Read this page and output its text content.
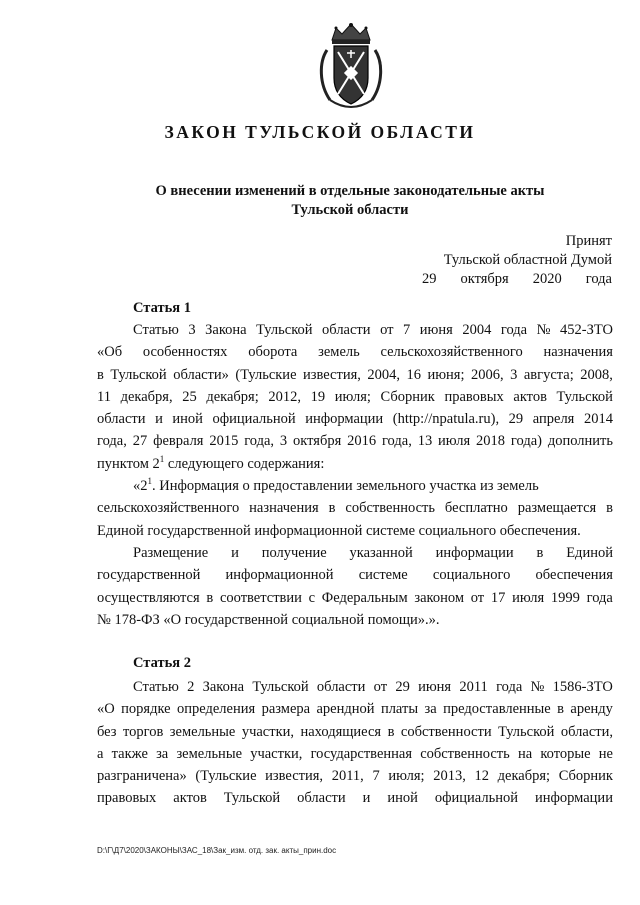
ЗАКОН ТУЛЬСКОЙ ОБЛАСТИ
О внесении изменений в отдельные законодательные акты
Тульской области
Принят
Тульской областной Думой
29 октября 2020 года
Статья 1
Статью 3 Закона Тульской области от 7 июня 2004 года № 452-ЗТО
«Об особенностях оборота земель сельскохозяйственного назначения
в Тульской области» (Тульские известия, 2004, 16 июня; 2006, 3 августа; 2008,
11 декабря, 25 декабря; 2012, 19 июля; Сборник правовых актов Тульской
области и иной официальной информации (http://npatula.ru), 29 апреля 2014
года, 27 февраля 2015 года, 3 октября 2016 года, 13 июля 2018 года) дополнить
пунктом $2^1$ следующего содержания:
«$2^1$. Информация о предоставлении земельного участка из земель
сельскохозяйственного назначения в собственность бесплатно размещается в
Единой государственной информационной системе социального обеспечения.
Размещение и получение указанной информации в Единой
государственной информационной системе социального обеспечения
осуществляются в соответствии с Федеральным законом от 17 июля 1999 года
№ 178-ФЗ «О государственной социальной помощи».».
Статья 2
Статью 2 Закона Тульской области от 29 июня 2011 года № 1586-ЗТО
«О порядке определения размера арендной платы за предоставленные в аренду
без торгов земельные участки, находящиеся в собственности Тульской области,
а также за земельные участки, государственная собственность на которые не
разграничена» (Тульские известия, 2011, 7 июля; 2013, 12 декабря; Сборник
правовых актов Тульской области и иной официальной информации
D:\Г\Д7\2020\ЗАКОНЫ\ЗАС_18\Зак_изм. отд. зак. акты_прин.doc
